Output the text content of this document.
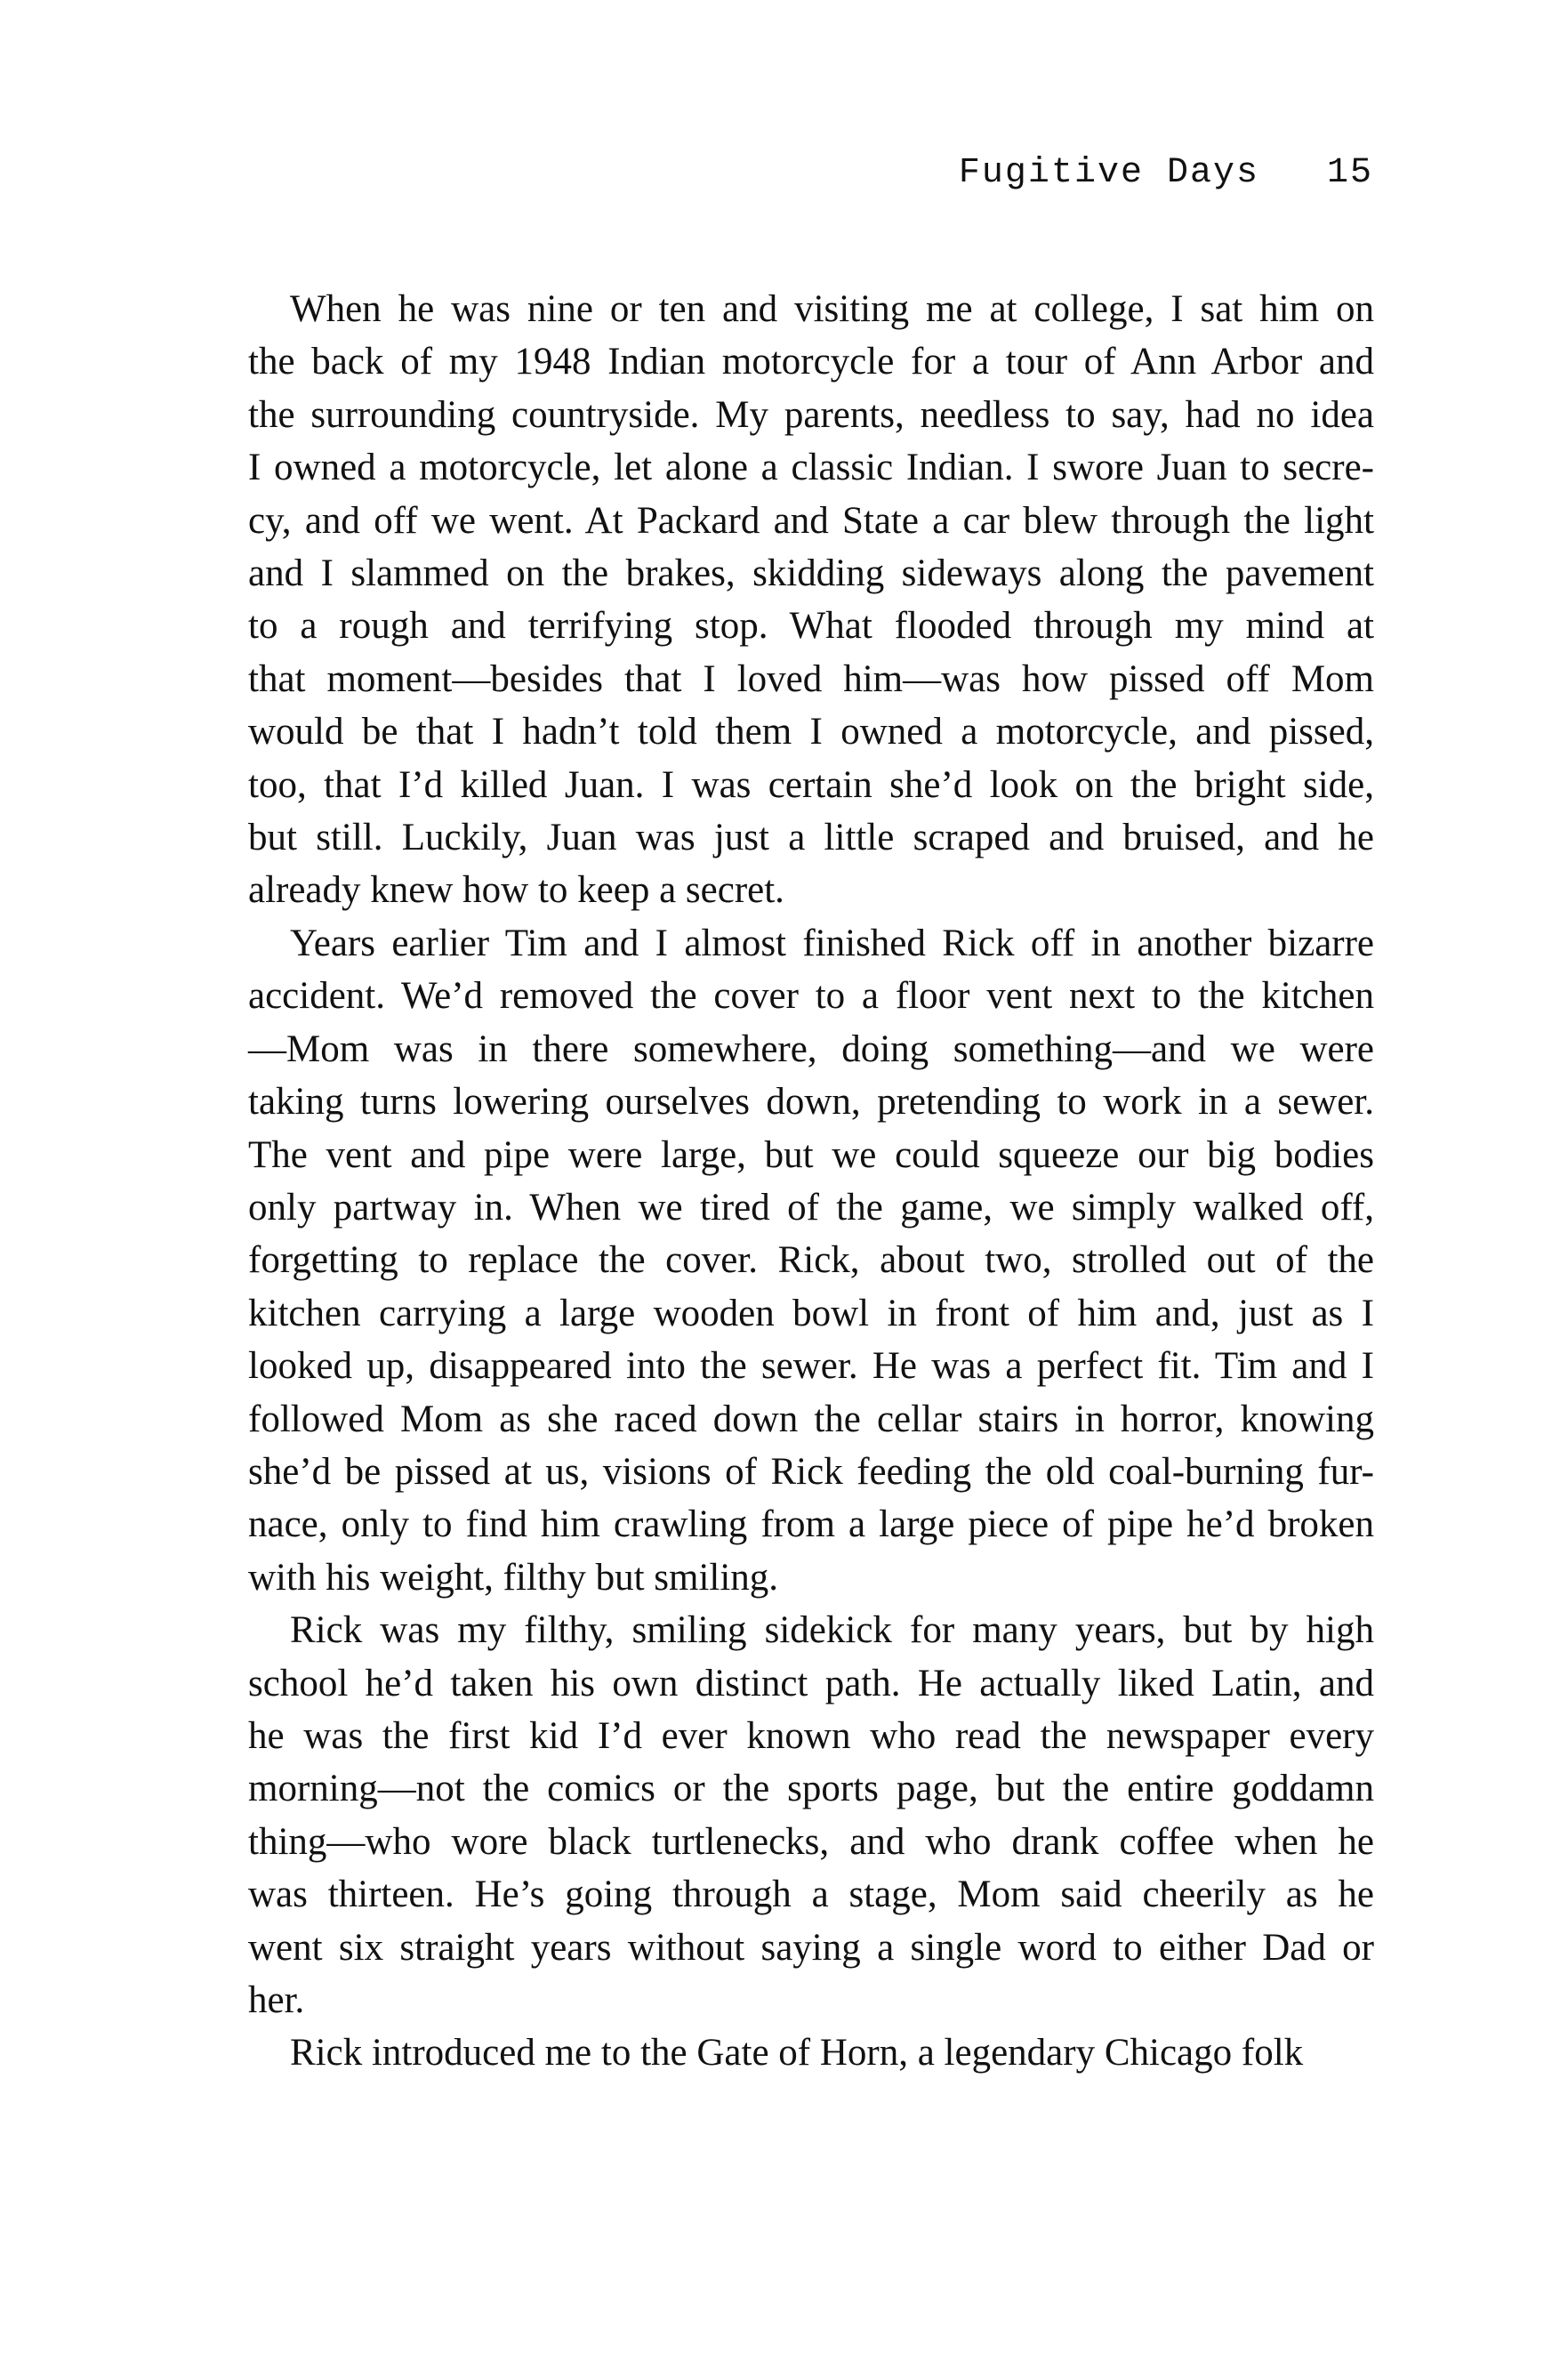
Fugitive Days 15
When he was nine or ten and visiting me at college, I sat him on
the back of my 1948 Indian motorcycle for a tour of Ann Arbor and
the surrounding countryside. My parents, needless to say, had no idea
I owned a motorcycle, let alone a classic Indian. I swore Juan to secre-
cy, and off we went. At Packard and State a car blew through the light
and I slammed on the brakes, skidding sideways along the pavement
to a rough and terrifying stop. What flooded through my mind at
that moment—besides that I loved him—was how pissed off Mom
would be that I hadn’t told them I owned a motorcycle, and pissed,
too, that I’d killed Juan. I was certain she’d look on the bright side,
but still. Luckily, Juan was just a little scraped and bruised, and he
already knew how to keep a secret.
Years earlier Tim and I almost finished Rick off in another bizarre
accident. We’d removed the cover to a floor vent next to the kitchen
—Mom was in there somewhere, doing something—and we were
taking turns lowering ourselves down, pretending to work in a sewer.
The vent and pipe were large, but we could squeeze our big bodies
only partway in. When we tired of the game, we simply walked off,
forgetting to replace the cover. Rick, about two, strolled out of the
kitchen carrying a large wooden bowl in front of him and, just as I
looked up, disappeared into the sewer. He was a perfect fit. Tim and I
followed Mom as she raced down the cellar stairs in horror, knowing
she’d be pissed at us, visions of Rick feeding the old coal-burning fur-
nace, only to find him crawling from a large piece of pipe he’d broken
with his weight, filthy but smiling.
Rick was my filthy, smiling sidekick for many years, but by high
school he’d taken his own distinct path. He actually liked Latin, and
he was the first kid I’d ever known who read the newspaper every
morning—not the comics or the sports page, but the entire goddamn
thing—who wore black turtlenecks, and who drank coffee when he
was thirteen. He’s going through a stage, Mom said cheerily as he
went six straight years without saying a single word to either Dad or
her.
Rick introduced me to the Gate of Horn, a legendary Chicago folk
